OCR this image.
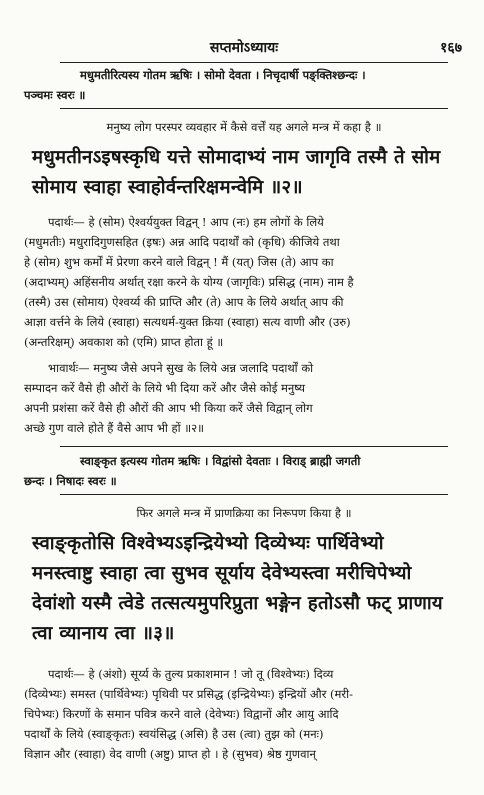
सप्तमोऽध्यायः	१६७
मधुमतीरित्यस्य गोतम ऋषिः । सोमो देवता । निचृदार्षी पङ्क्तिश्छन्दः ।
पञ्चमः स्वरः ॥
मनुष्य लोग परस्पर व्यवहार में कैसे वर्त्तें यह अगले मन्त्र में कहा है ॥
मधुमतीनऽइषस्कृधि यत्ते सोमादाभ्यं नाम जागृवि तस्मै ते सोम
सोमाय स्वाहा स्वाहोर्वन्तरिक्षमन्वेमि ॥२॥
पदार्थः— हे (सोम) ऐश्वर्ययुक्त विद्वन् ! आप (नः) हम लोगों के लिये
(मधुमतीः) मधुरादिगुणसहित (इषः) अन्न आदि पदार्थों को (कृधि) कीजिये तथा
हे (सोम) शुभ कर्मों में प्रेरणा करने वाले विद्वन् ! मैं (यत्) जिस (ते) आप का
(अदाभ्यम्) अहिंसनीय अर्थात् रक्षा करने के योग्य (जागृविः) प्रसिद्ध (नाम) नाम है
(तस्मै) उस (सोमाय) ऐश्वर्य्य की प्राप्ति और (ते) आप के लिये अर्थात् आप की
आज्ञा वर्त्तने के लिये (स्वाहा) सत्यधर्म-युक्त क्रिया (स्वाहा) सत्य वाणी और (उरु)
(अन्तरिक्षम्) अवकाश को (एमि) प्राप्त होता हूं ॥
भावार्थः— मनुष्य जैसे अपने सुख के लिये अन्न जलादि पदार्थों को
सम्पादन करें वैसे ही औरों के लिये भी दिया करें और जैसे कोई मनुष्य
अपनी प्रशंसा करें वैसे ही औरों की आप भी किया करें जैसे विद्वान् लोग
अच्छे गुण वाले होते हैं वैसे आप भी हों ॥२॥
स्वाङ्कृत इत्यस्य गोतम ऋषिः । विद्वांसो देवताः । विराड् ब्राह्मी जगती
छन्दः । निषादः स्वरः ॥
फिर अगले मन्त्र में प्राणक्रिया का निरूपण किया है ॥
स्वाङ्कृतोसि विश्वेभ्यऽइन्द्रियेभ्यो दिव्येभ्यः पार्थिवेभ्यो
मनस्त्वाष्टु स्वाहा त्वा सुभव सूर्याय देवेभ्यस्त्वा मरीचिपेभ्यो
देवांशो यस्मै त्वेडे तत्सत्यमुपरिप्रुता भङ्गेन हतोऽसौ फट् प्राणाय
त्वा व्यानाय त्वा ॥३॥
पदार्थः— हे (अंशो) सूर्य्य के तुल्य प्रकाशमान ! जो तू (विश्वेभ्यः) दिव्य
(दिव्येभ्यः) समस्त (पार्थिवेभ्यः) पृथिवी पर प्रसिद्ध (इन्द्रियेभ्यः) इन्द्रियों और (मरी-
चिपेभ्यः) किरणों के समान पवित्र करने वाले (देवेभ्यः) विद्वानों और आयु आदि
पदार्थों के लिये (स्वाङ्कृतः) स्वयंसिद्ध (असि) है उस (त्वा) तुझ को (मनः)
विज्ञान और (स्वाहा) वेद वाणी (अष्टु) प्राप्त हो । हे (सुभव) श्रेष्ठ गुणवान्
